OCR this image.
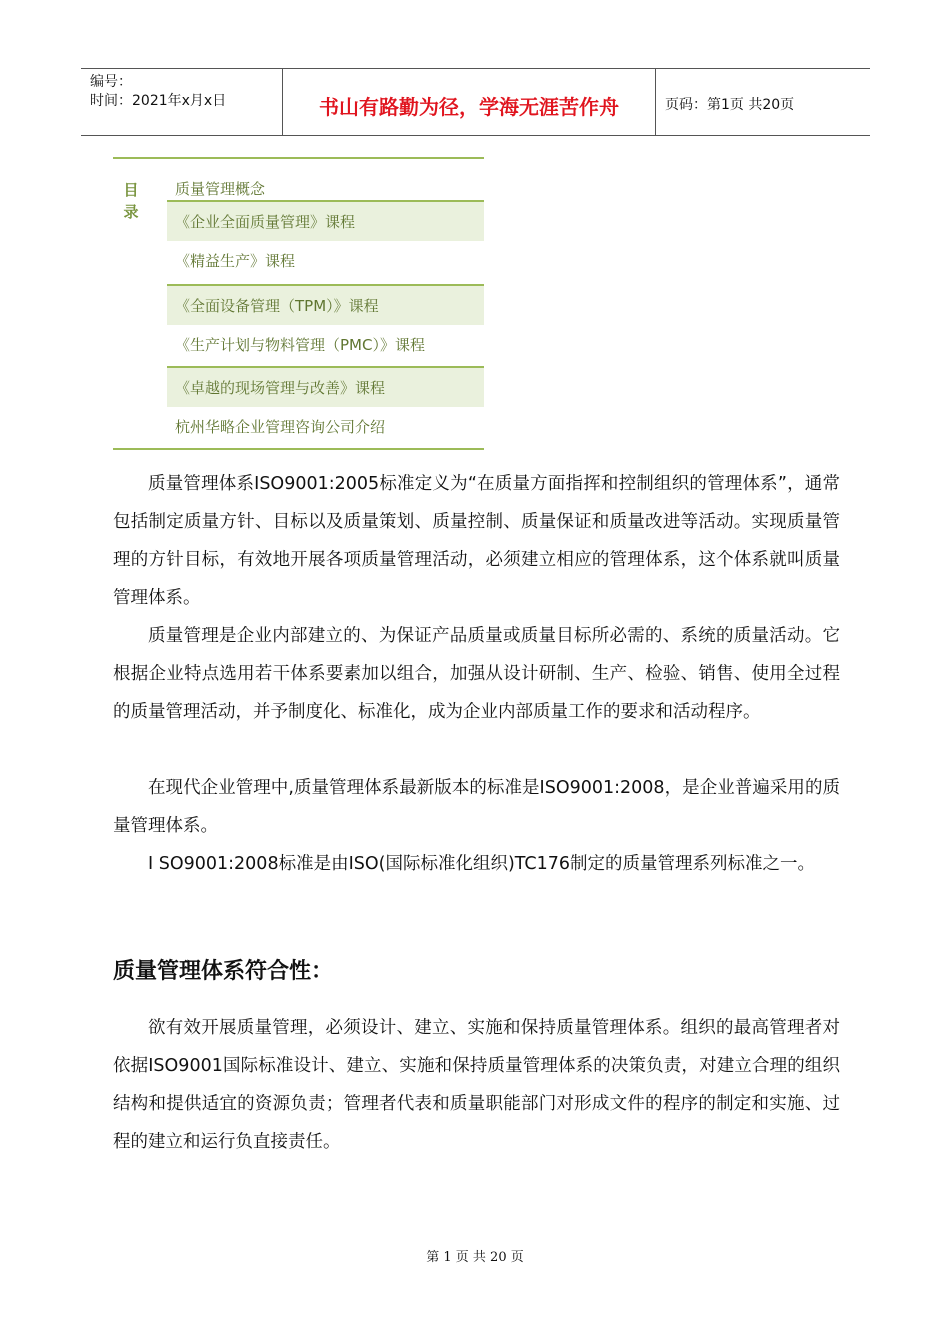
编号：
时间：2021年x月x日	书山有路勤为径，学海无涯苦作舟	页码：第1页 共20页
目录
质量管理概念
《企业全面质量管理》课程
《精益生产》课程
《全面设备管理（TPM）》课程
《生产计划与物料管理（PMC）》课程
《卓越的现场管理与改善》课程
杭州华略企业管理咨询公司介绍
质量管理体系ISO9001:2005标准定义为“在质量方面指挥和控制组织的管理体系”，通常包括制定质量方针、目标以及质量策划、质量控制、质量保证和质量改进等活动。实现质量管理的方针目标，有效地开展各项质量管理活动，必须建立相应的管理体系，这个体系就叫质量管理体系。
质量管理是企业内部建立的、为保证产品质量或质量目标所必需的、系统的质量活动。它根据企业特点选用若干体系要素加以组合，加强从设计研制、生产、检验、销售、使用全过程的质量管理活动，并予制度化、标准化，成为企业内部质量工作的要求和活动程序。
在现代企业管理中,质量管理体系最新版本的标准是ISO9001:2008，是企业普遍采用的质量管理体系。
I SO9001:2008标准是由ISO(国际标准化组织)TC176制定的质量管理系列标准之一。
质量管理体系符合性：
欲有效开展质量管理，必须设计、建立、实施和保持质量管理体系。组织的最高管理者对依据ISO9001国际标准设计、建立、实施和保持质量管理体系的决策负责，对建立合理的组织结构和提供适宜的资源负责；管理者代表和质量职能部门对形成文件的程序的制定和实施、过程的建立和运行负直接责任。
第 1 页 共 20 页
